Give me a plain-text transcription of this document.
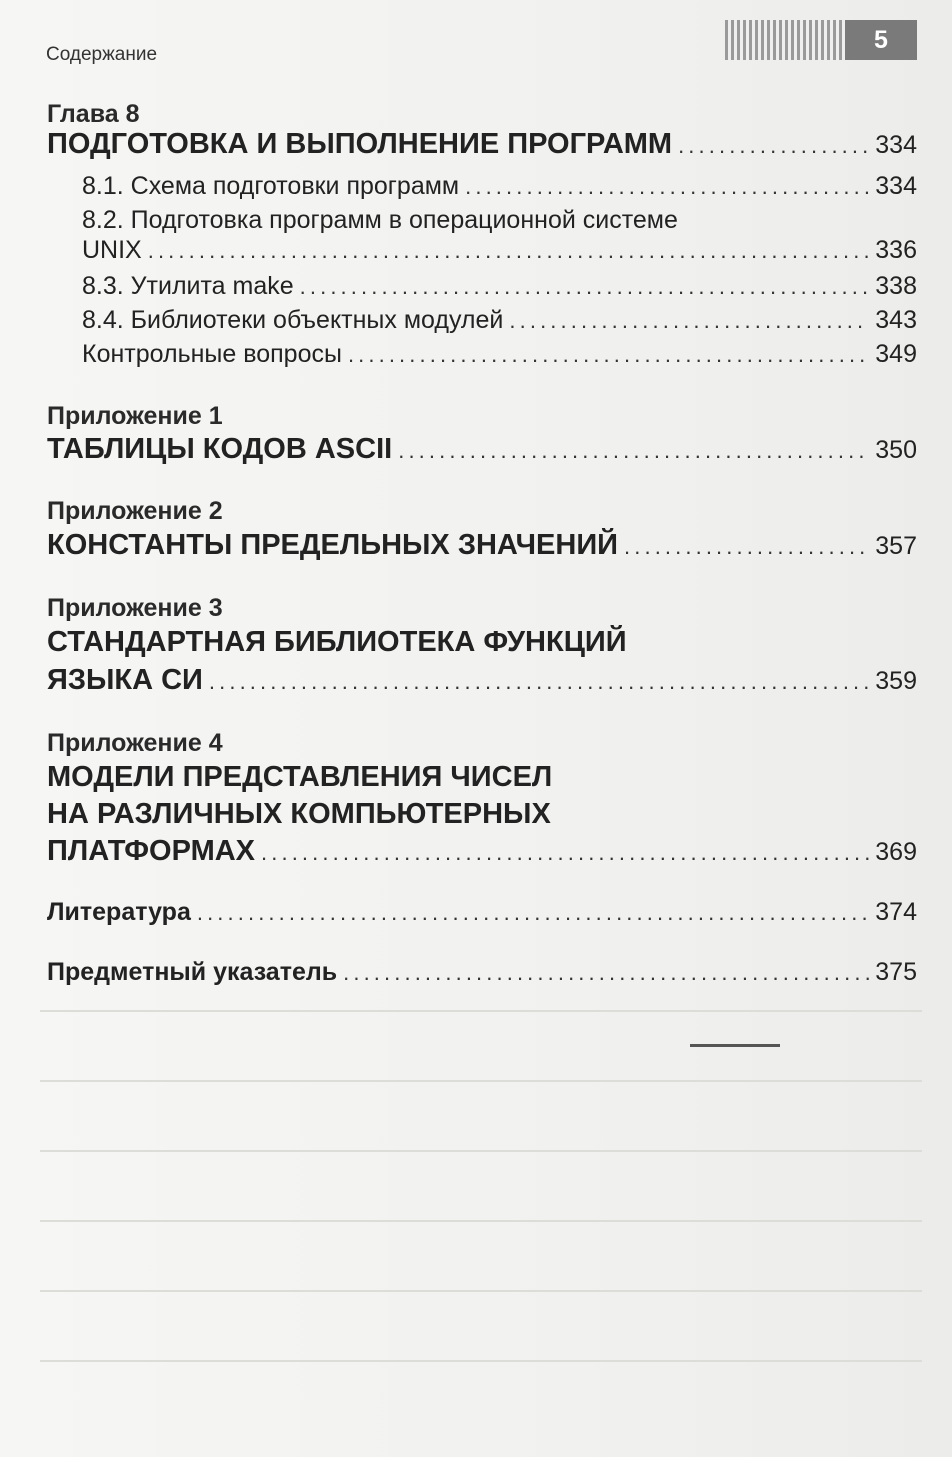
Содержание
5
Глава 8
ПОДГОТОВКА И ВЫПОЛНЕНИЕ ПРОГРАММ . . .	334
8.1. Схема подготовки программ . . .	334
8.2. Подготовка программ в операционной системе
UNIX . . .	336
8.3. Утилита make . . .	338
8.4. Библиотеки объектных модулей . . .	343
Контрольные вопросы . . .	349
Приложение 1
ТАБЛИЦЫ КОДОВ ASCII . . .	350
Приложение 2
КОНСТАНТЫ ПРЕДЕЛЬНЫХ ЗНАЧЕНИЙ . . .	357
Приложение 3
СТАНДАРТНАЯ БИБЛИОТЕКА ФУНКЦИЙ
ЯЗЫКА СИ . . .	359
Приложение 4
МОДЕЛИ ПРЕДСТАВЛЕНИЯ ЧИСЕЛ
НА РАЗЛИЧНЫХ КОМПЬЮТЕРНЫХ
ПЛАТФОРМАХ . . .	369
Литература . . .	374
Предметный указатель . . .	375
